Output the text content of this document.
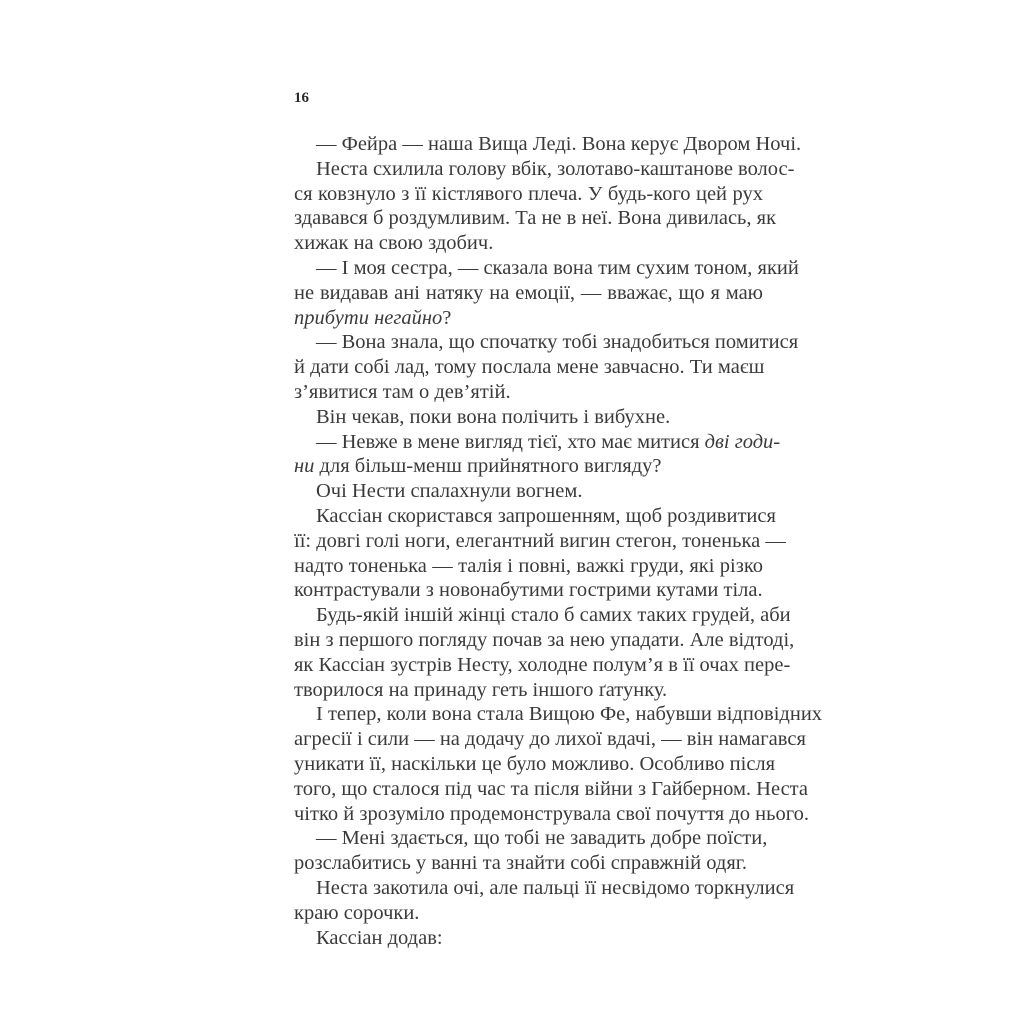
16
— Фейра — наша Вища Леді. Вона керує Двором Ночі.
Неста схилила голову вбік, золотаво-каштанове волос-
ся ковзнуло з її кістлявого плеча. У будь-кого цей рух
здавався б роздумливим. Та не в неї. Вона дивилась, як
хижак на свою здобич.
— І моя сестра, — сказала вона тим сухим тоном, який
не видавав ані натяку на емоції, — вважає, що я маю
прибути негайно?
— Вона знала, що спочатку тобі знадобиться помитися
й дати собі лад, тому послала мене завчасно. Ти маєш
з’явитися там о дев’ятій.
Він чекав, поки вона полічить і вибухне.
— Невже в мене вигляд тієї, хто має митися дві годи-
ни для більш-менш прийнятного вигляду?
Очі Нести спалахнули вогнем.
Кассіан скористався запрошенням, щоб роздивитися
її: довгі голі ноги, елегантний вигин стегон, тоненька —
надто тоненька — талія і повні, важкі груди, які різко
контрастували з новонабутими гострими кутами тіла.
Будь-якій іншій жінці стало б самих таких грудей, аби
він з першого погляду почав за нею упадати. Але відтоді,
як Кассіан зустрів Несту, холодне полум’я в її очах пере-
творилося на принаду геть іншого ґатунку.
І тепер, коли вона стала Вищою Фе, набувши відповідних
агресії і сили — на додачу до лихої вдачі, — він намагався
уникати її, наскільки це було можливо. Особливо після
того, що сталося під час та після війни з Гайберном. Неста
чітко й зрозуміло продемонструвала свої почуття до нього.
— Мені здається, що тобі не завадить добре поїсти,
розслабитись у ванні та знайти собі справжній одяг.
Неста закотила очі, але пальці її несвідомо торкнулися
краю сорочки.
Кассіан додав:
